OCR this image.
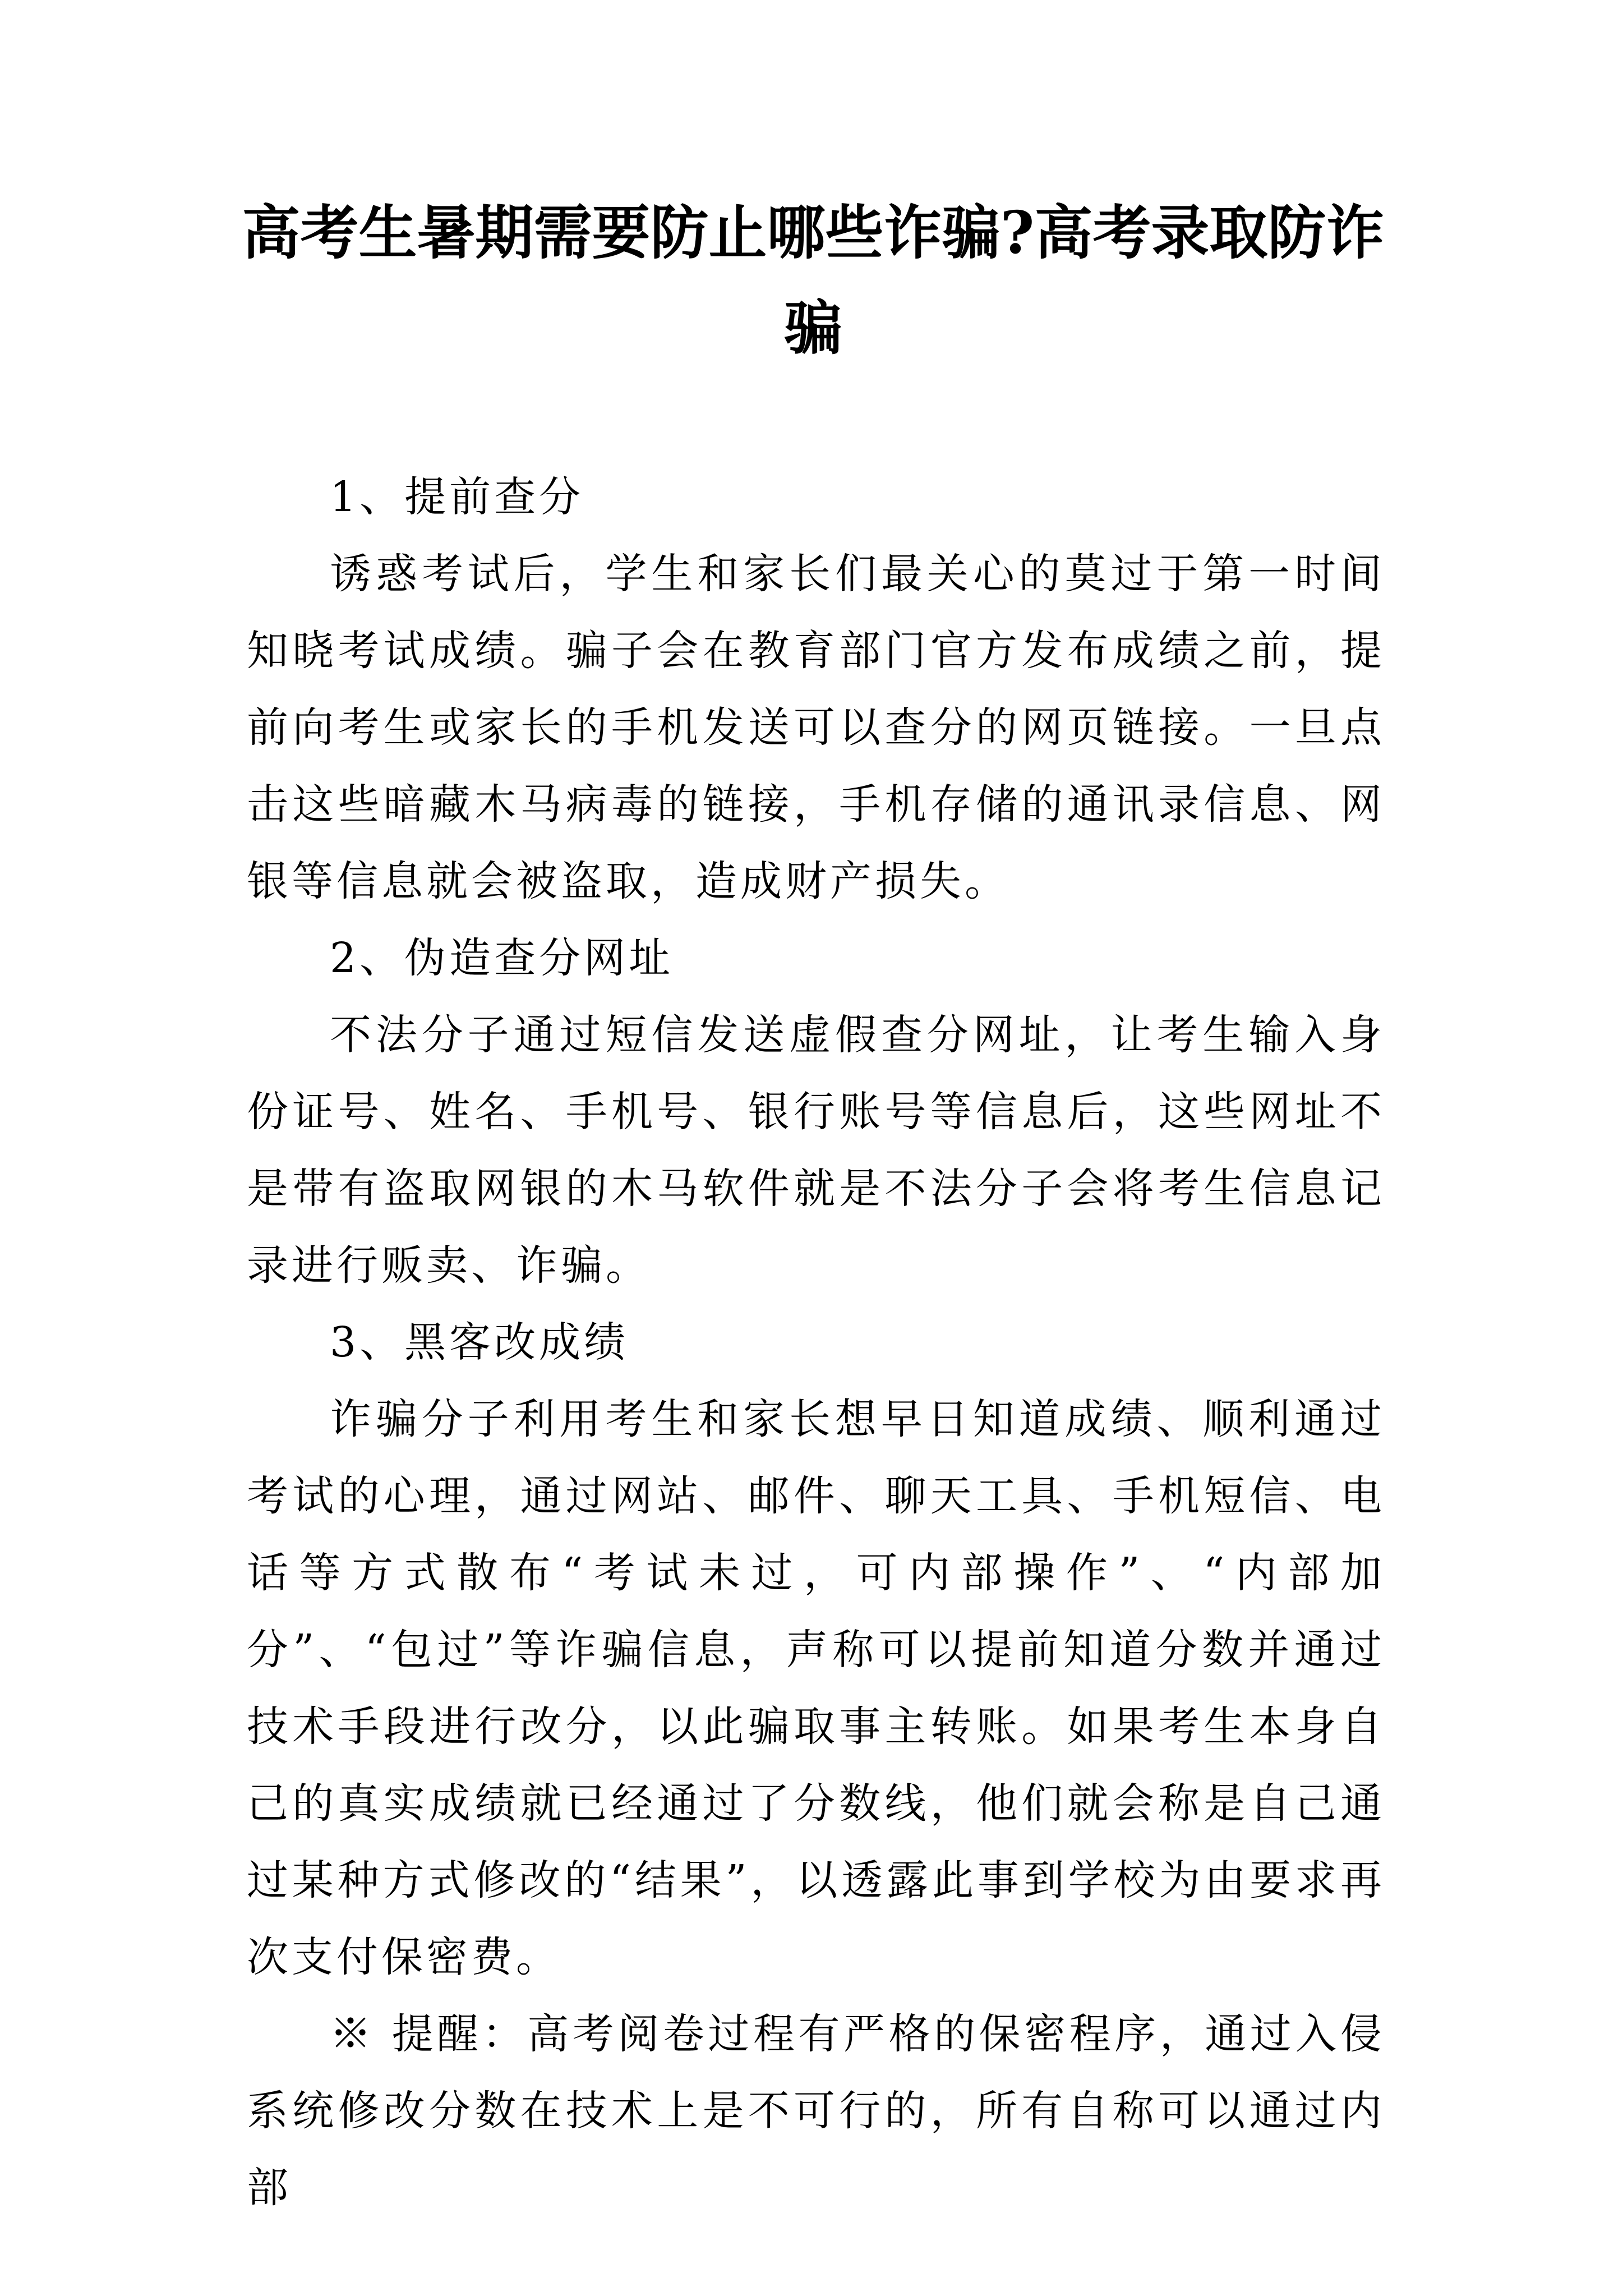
高考生暑期需要防止哪些诈骗?高考录取防诈骗

1、提前查分

诱惑考试后，学生和家长们最关心的莫过于第一时间知晓考试成绩。骗子会在教育部门官方发布成绩之前，提前向考生或家长的手机发送可以查分的网页链接。一旦点击这些暗藏木马病毒的链接，手机存储的通讯录信息、网银等信息就会被盗取，造成财产损失。

2、伪造查分网址

不法分子通过短信发送虚假查分网址，让考生输入身份证号、姓名、手机号、银行账号等信息后，这些网址不是带有盗取网银的木马软件就是不法分子会将考生信息记录进行贩卖、诈骗。

3、黑客改成绩

诈骗分子利用考生和家长想早日知道成绩、顺利通过考试的心理，通过网站、邮件、聊天工具、手机短信、电话等方式散布“考试未过，可内部操作”、“内部加分”、“包过”等诈骗信息，声称可以提前知道分数并通过技术手段进行改分，以此骗取事主转账。如果考生本身自己的真实成绩就已经通过了分数线，他们就会称是自己通过某种方式修改的“结果”，以透露此事到学校为由要求再次支付保密费。

※ 提醒：高考阅卷过程有严格的保密程序，通过入侵系统修改分数在技术上是不可行的，所有自称可以通过内部
